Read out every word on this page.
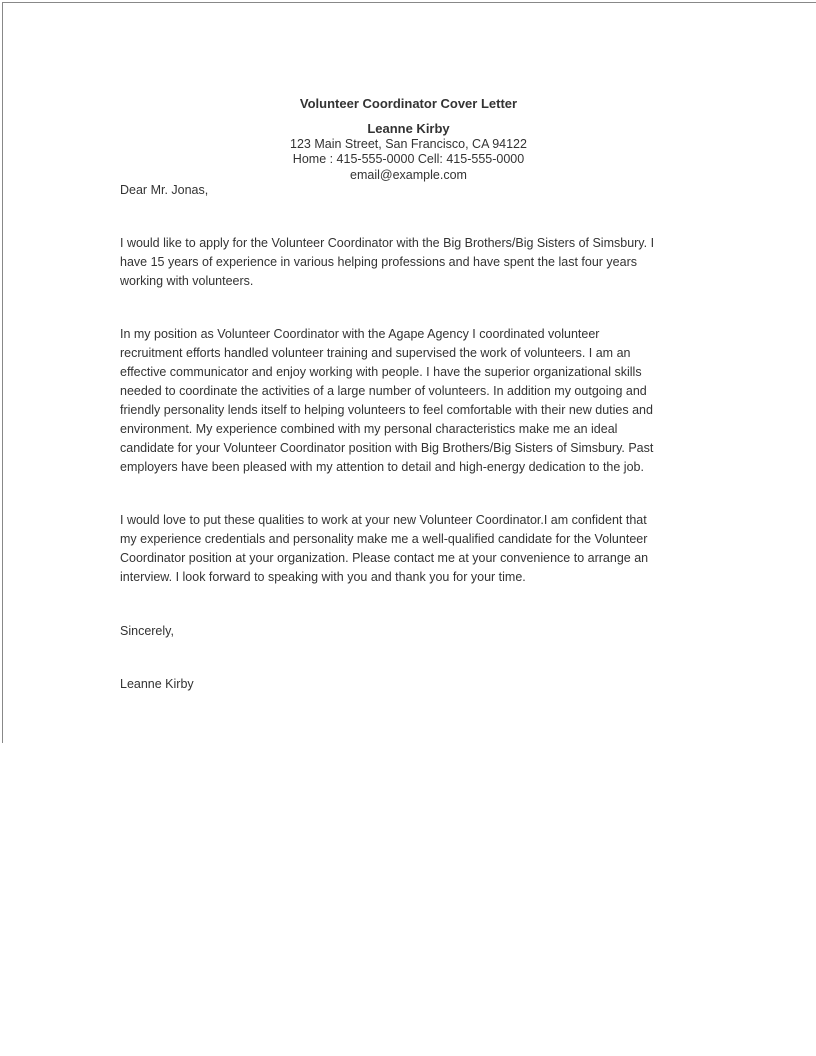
Volunteer Coordinator Cover Letter
Leanne Kirby
123 Main Street, San Francisco, CA 94122
Home : 415-555-0000 Cell: 415-555-0000
email@example.com
Dear Mr. Jonas,
I would like to apply for the Volunteer Coordinator with the Big Brothers/Big Sisters of Simsbury. I
have 15 years of experience in various helping professions and have spent the last four years
working with volunteers.
In my position as Volunteer Coordinator with the Agape Agency I coordinated volunteer
recruitment efforts handled volunteer training and supervised the work of volunteers. I am an
effective communicator and enjoy working with people. I have the superior organizational skills
needed to coordinate the activities of a large number of volunteers. In addition my outgoing and
friendly personality lends itself to helping volunteers to feel comfortable with their new duties and
environment. My experience combined with my personal characteristics make me an ideal
candidate for your Volunteer Coordinator position with Big Brothers/Big Sisters of Simsbury. Past
employers have been pleased with my attention to detail and high-energy dedication to the job.
I would love to put these qualities to work at your new Volunteer Coordinator.I am confident that
my experience credentials and personality make me a well-qualified candidate for the Volunteer
Coordinator position at your organization. Please contact me at your convenience to arrange an
interview. I look forward to speaking with you and thank you for your time.
Sincerely,
Leanne Kirby
